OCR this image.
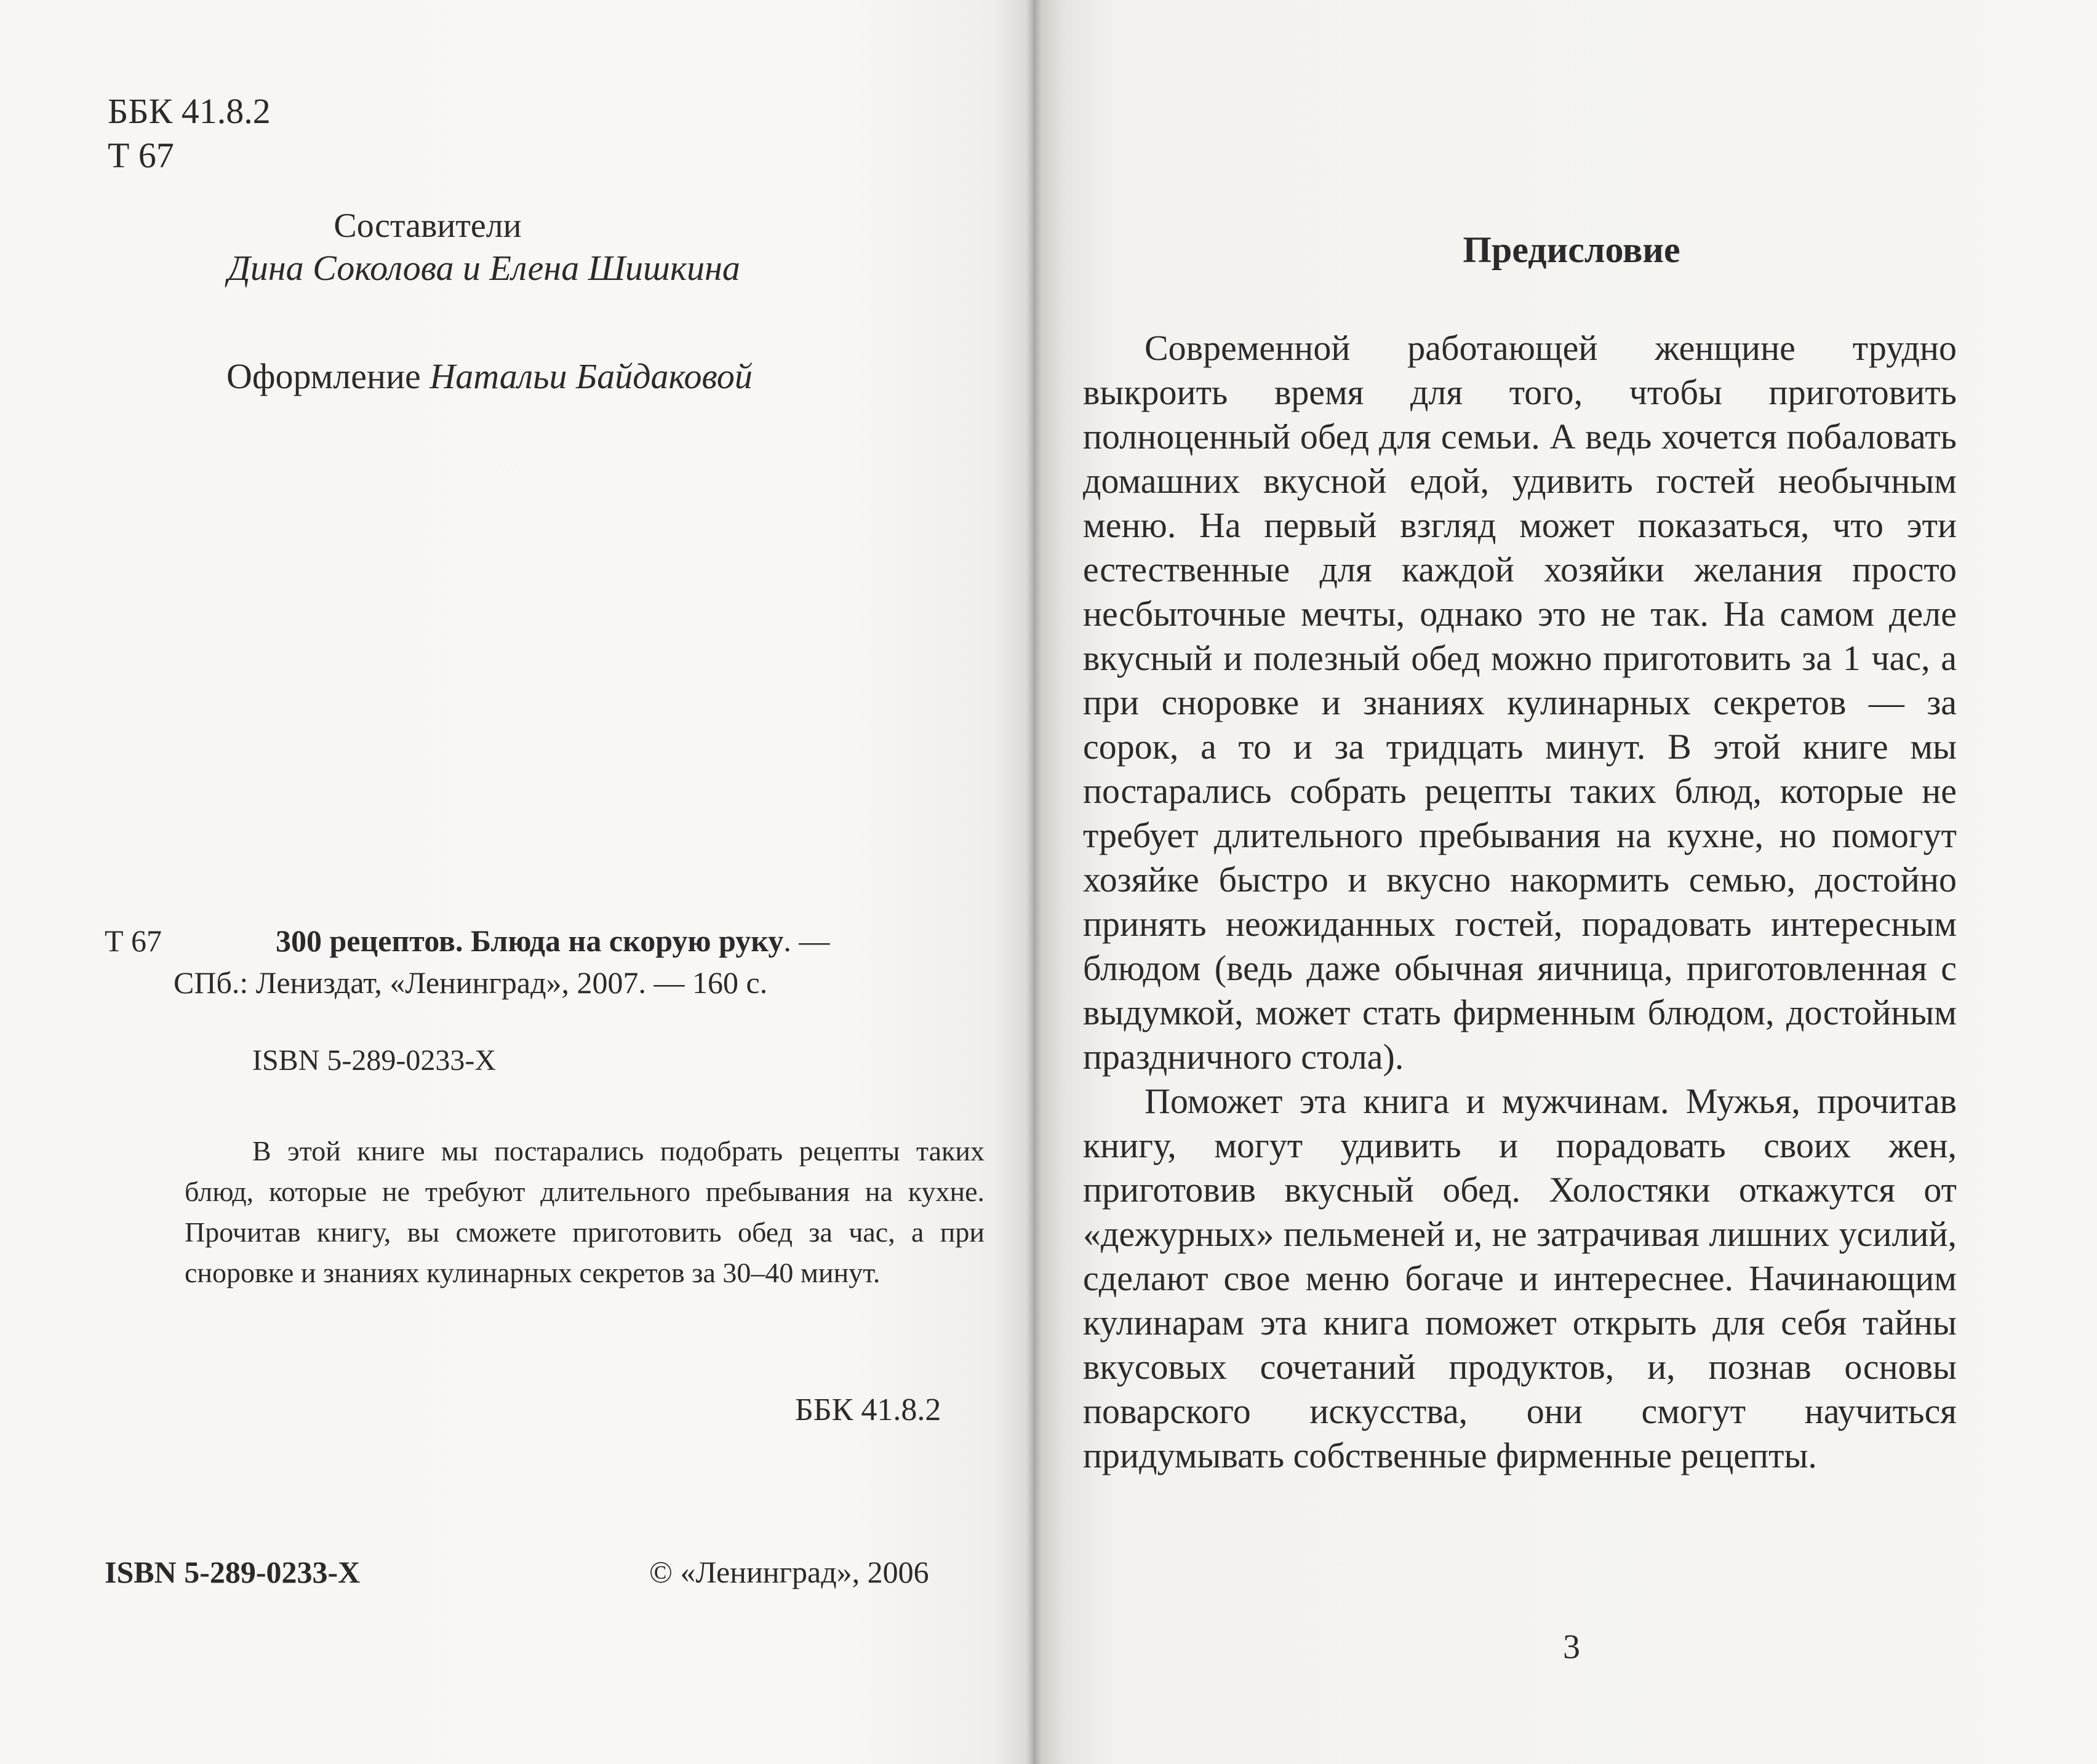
ББК 41.8.2
Т 67
Составители
Дина Соколова и Елена Шишкина
Оформление Натальи Байдаковой
Т 67	300 рецептов. Блюда на скорую руку. —
СПб.: Лениздат, «Ленинград», 2007. — 160 с.
ISBN 5-289-0233-X
В этой книге мы постарались подобрать рецепты таких блюд, которые не требуют длительного пребывания на кухне. Прочитав книгу, вы сможете приготовить обед за час, а при сноровке и знаниях кулинарных секретов за 30–40 минут.
ББК 41.8.2
ISBN 5-289-0233-X	© «Ленинград», 2006
Предисловие

Современной работающей женщине трудно выкроить время для того, чтобы приготовить полноценный обед для семьи. А ведь хочется побаловать домашних вкусной едой, удивить гостей необычным меню. На первый взгляд может показаться, что эти естественные для каждой хозяйки желания просто несбыточные мечты, однако это не так. На самом деле вкусный и полезный обед можно приготовить за 1 час, а при сноровке и знаниях кулинарных секретов — за сорок, а то и за тридцать минут. В этой книге мы постарались собрать рецепты таких блюд, которые не требует длительного пребывания на кухне, но помогут хозяйке быстро и вкусно накормить семью, достойно принять неожиданных гостей, порадовать интересным блюдом (ведь даже обычная яичница, приготовленная с выдумкой, может стать фирменным блюдом, достойным праздничного стола).

Поможет эта книга и мужчинам. Мужья, прочитав книгу, могут удивить и порадовать своих жен, приготовив вкусный обед. Холостяки откажутся от «дежурных» пельменей и, не затрачивая лишних усилий, сделают свое меню богаче и интереснее. Начинающим кулинарам эта книга поможет открыть для себя тайны вкусовых сочетаний продуктов, и, познав основы поварского искусства, они смогут научиться придумывать собственные фирменные рецепты.

3
